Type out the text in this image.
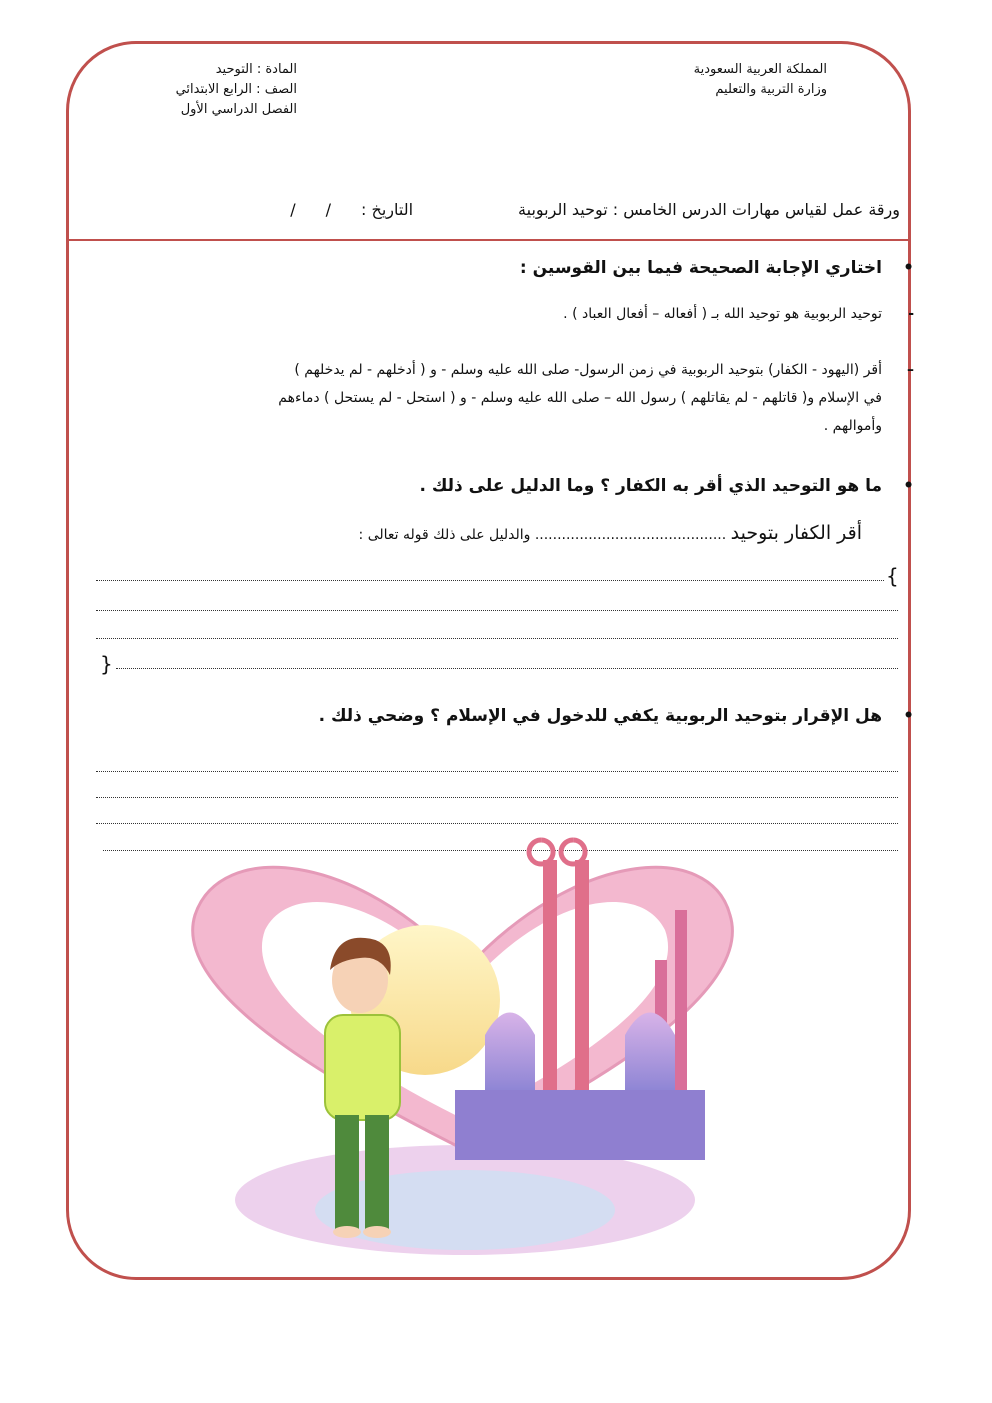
المملكة العربية السعودية
وزارة التربية والتعليم
المادة : التوحيد
الصف : الرابع الابتدائي
الفصل الدراسي الأول
ورقة عمل لقياس مهارات الدرس الخامس : توحيد الربوبية
التاريخ :
/
/
•
اختاري الإجابة الصحيحة فيما بين القوسين :
-
توحيد الربوبية هو توحيد الله بـ ( أفعاله – أفعال العباد ) .
–
أقر (اليهود - الكفار) بتوحيد الربوبية في زمن الرسول- صلى الله عليه وسلم - و ( أدخلهم - لم يدخلهم )
في الإسلام و( قاتلهم - لم يقاتلهم ) رسول الله – صلى الله عليه وسلم - و ( استحل - لم يستحل ) دماءهم
وأموالهم .
•
ما هو التوحيد الذي أقر به الكفار ؟ وما الدليل على ذلك .
أقر الكفار بتوحيد ........................................... والدليل على ذلك قوله تعالى :
{
}
•
هل الإقرار بتوحيد الربوبية يكفي للدخول في الإسلام ؟ وضحي ذلك .
